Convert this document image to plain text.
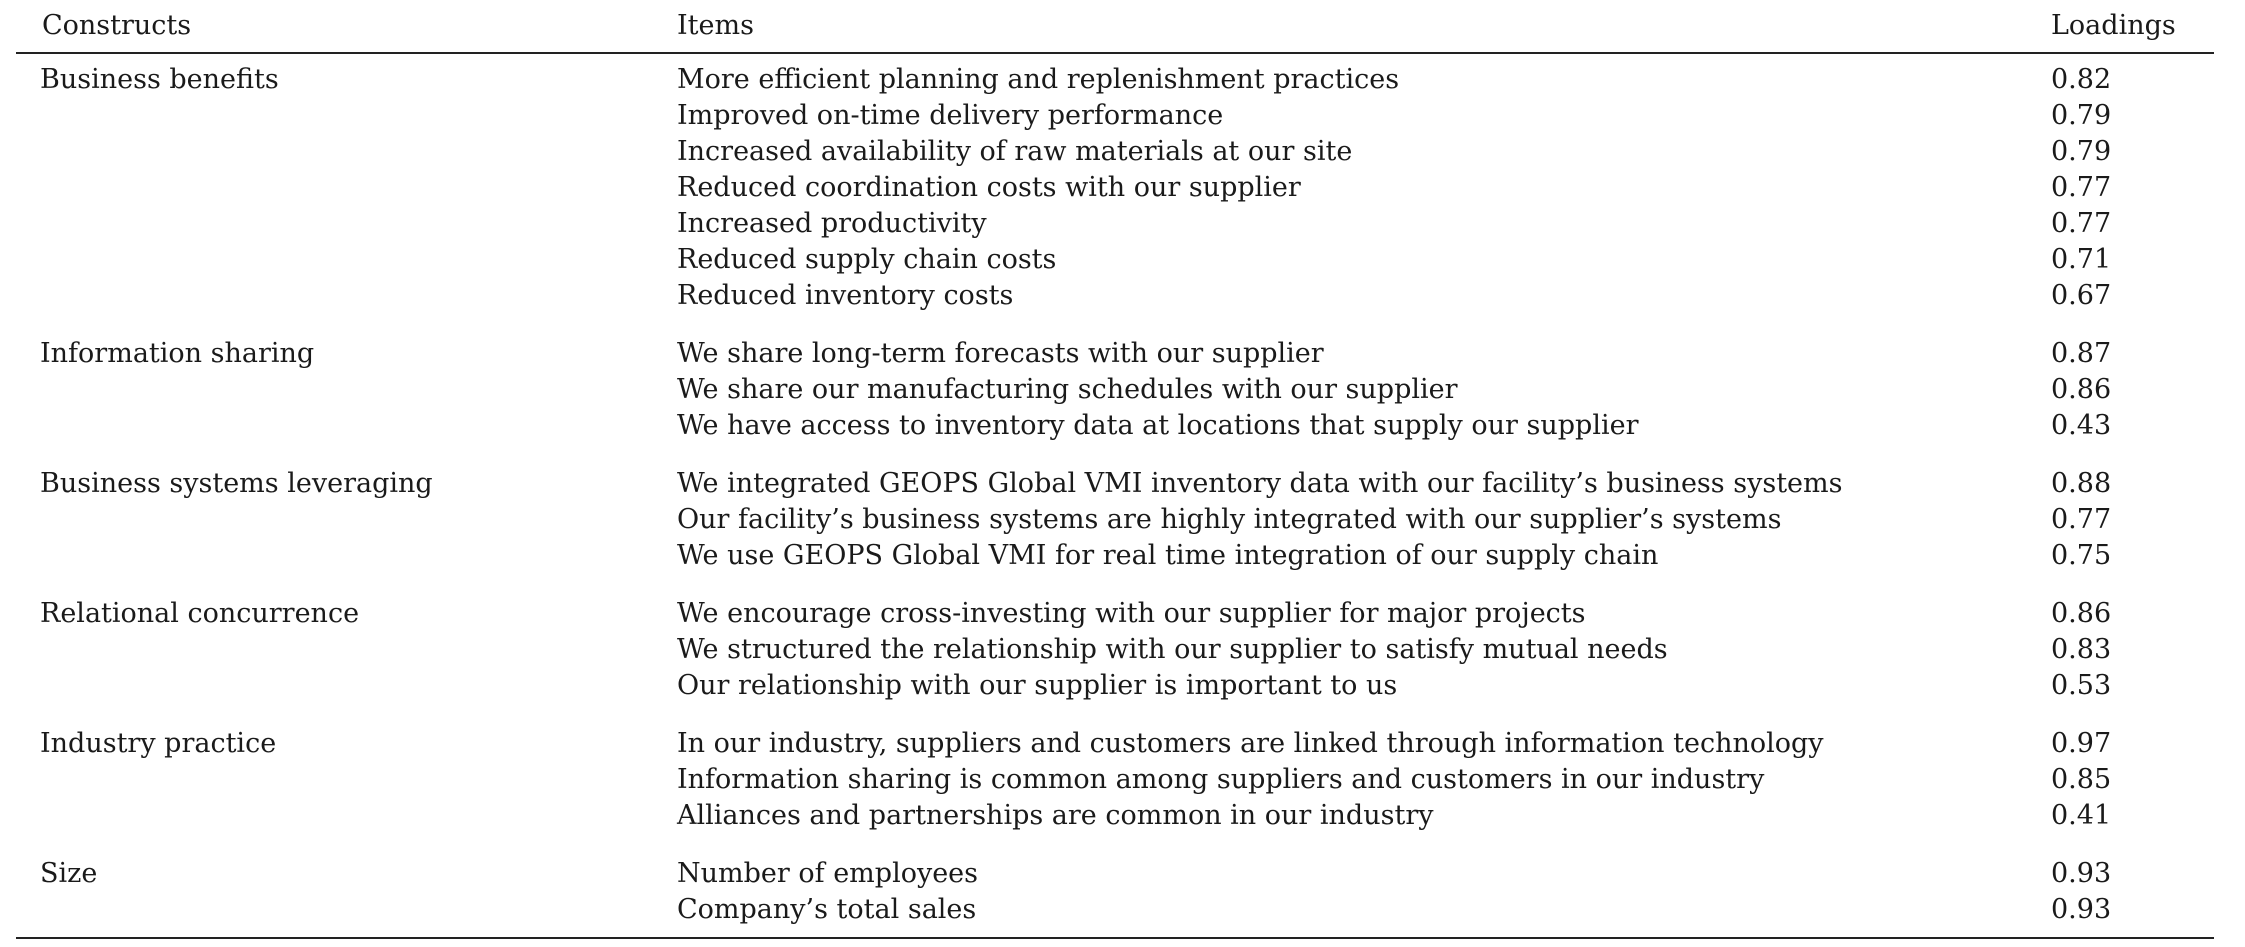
Constructs	Items	Loadings
Business benefits	More efficient planning and replenishment practices	0.82
	Improved on-time delivery performance	0.79
	Increased availability of raw materials at our site	0.79
	Reduced coordination costs with our supplier	0.77
	Increased productivity	0.77
	Reduced supply chain costs	0.71
	Reduced inventory costs	0.67
Information sharing	We share long-term forecasts with our supplier	0.87
	We share our manufacturing schedules with our supplier	0.86
	We have access to inventory data at locations that supply our supplier	0.43
Business systems leveraging	We integrated GEOPS Global VMI inventory data with our facility’s business systems	0.88
	Our facility’s business systems are highly integrated with our supplier’s systems	0.77
	We use GEOPS Global VMI for real time integration of our supply chain	0.75
Relational concurrence	We encourage cross-investing with our supplier for major projects	0.86
	We structured the relationship with our supplier to satisfy mutual needs	0.83
	Our relationship with our supplier is important to us	0.53
Industry practice	In our industry, suppliers and customers are linked through information technology	0.97
	Information sharing is common among suppliers and customers in our industry	0.85
	Alliances and partnerships are common in our industry	0.41
Size	Number of employees	0.93
	Company’s total sales	0.93
